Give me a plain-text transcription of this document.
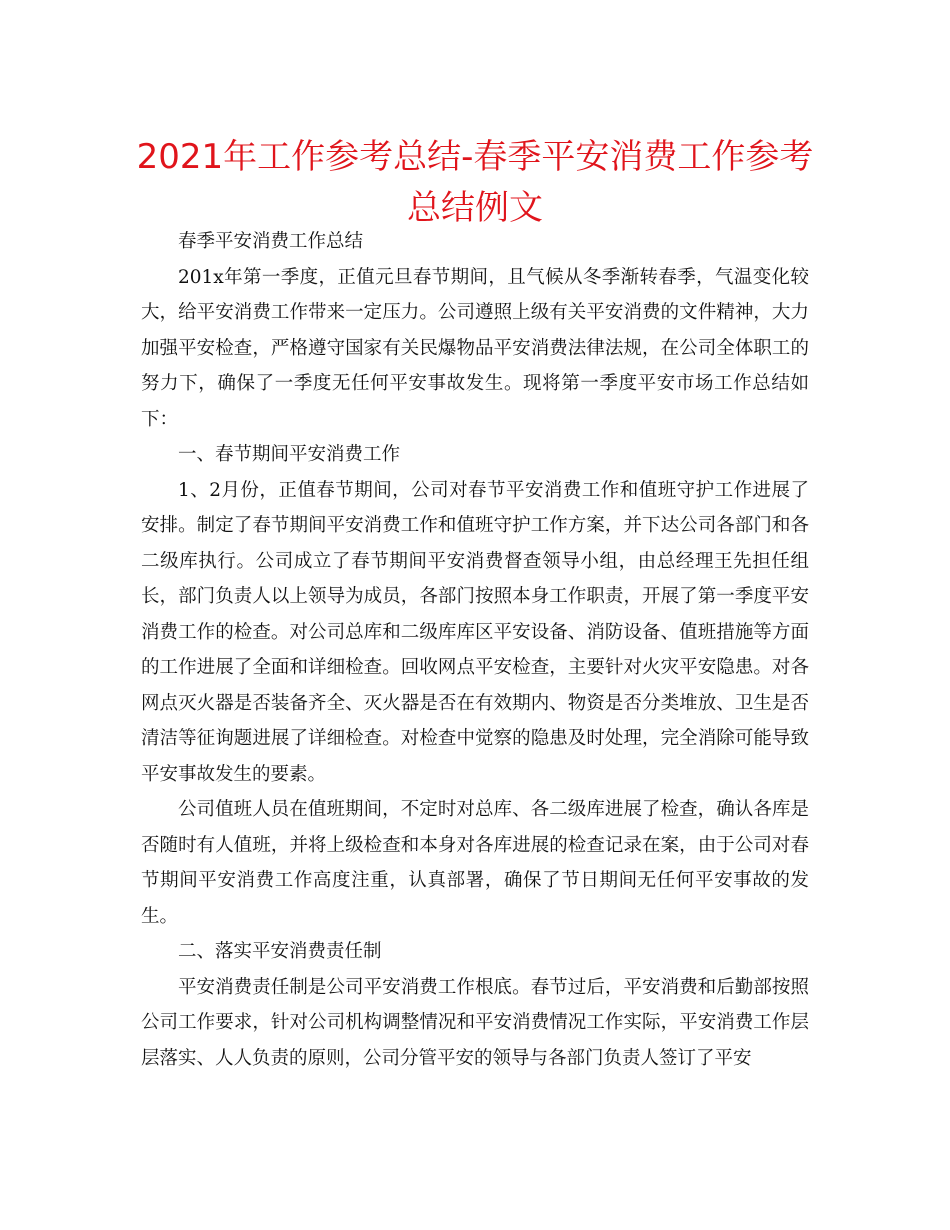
2021年工作参考总结-春季平安消费工作参考总结例文

春季平安消费工作总结

201x年第一季度，正值元旦春节期间，且气候从冬季渐转春季，气温变化较大，给平安消费工作带来一定压力。公司遵照上级有关平安消费的文件精神，大力加强平安检查，严格遵守国家有关民爆物品平安消费法律法规，在公司全体职工的努力下，确保了一季度无任何平安事故发生。现将第一季度平安市场工作总结如下：

一、春节期间平安消费工作

1、2月份，正值春节期间，公司对春节平安消费工作和值班守护工作进展了安排。制定了春节期间平安消费工作和值班守护工作方案，并下达公司各部门和各二级库执行。公司成立了春节期间平安消费督查领导小组，由总经理王先担任组长，部门负责人以上领导为成员，各部门按照本身工作职责，开展了第一季度平安消费工作的检查。对公司总库和二级库库区平安设备、消防设备、值班措施等方面的工作进展了全面和详细检查。回收网点平安检查，主要针对火灾平安隐患。对各网点灭火器是否装备齐全、灭火器是否在有效期内、物资是否分类堆放、卫生是否清洁等征询题进展了详细检查。对检查中觉察的隐患及时处理，完全消除可能导致平安事故发生的要素。

公司值班人员在值班期间，不定时对总库、各二级库进展了检查，确认各库是否随时有人值班，并将上级检查和本身对各库进展的检查记录在案，由于公司对春节期间平安消费工作高度注重，认真部署，确保了节日期间无任何平安事故的发生。

二、落实平安消费责任制

平安消费责任制是公司平安消费工作根底。春节过后，平安消费和后勤部按照公司工作要求，针对公司机构调整情况和平安消费情况工作实际，平安消费工作层层落实、人人负责的原则，公司分管平安的领导与各部门负责人签订了平安
